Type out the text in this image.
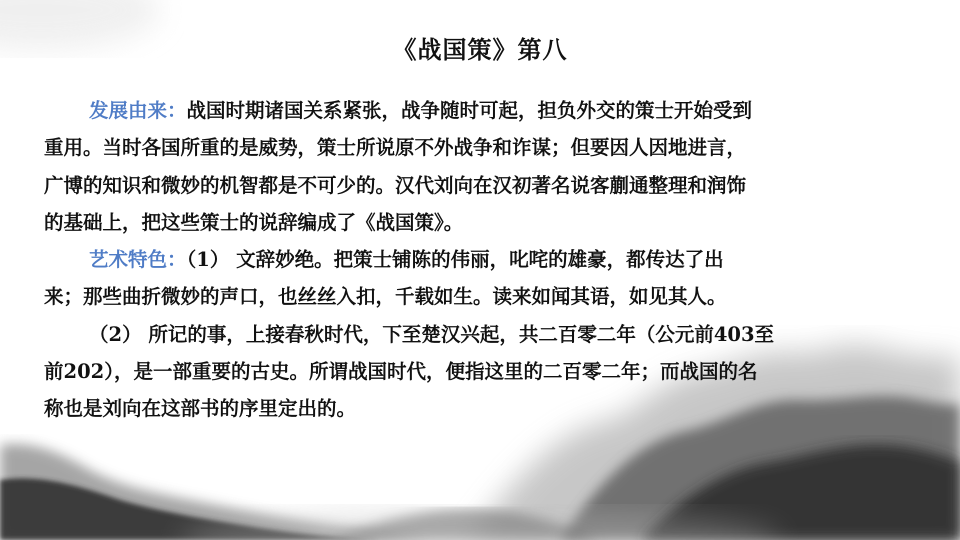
《战国策》第八
发展由来：战国时期诸国关系紧张，战争随时可起，担负外交的策士开始受到
重用。当时各国所重的是威势，策士所说原不外战争和诈谋；但要因人因地进言，
广博的知识和微妙的机智都是不可少的。汉代刘向在汉初著名说客蒯通整理和润饰
的基础上，把这些策士的说辞编成了《战国策》。
艺术特色：（1） 文辞妙绝。把策士铺陈的伟丽，叱咤的雄豪，都传达了出
来；那些曲折微妙的声口，也丝丝入扣，千载如生。读来如闻其语，如见其人。
（2） 所记的事，上接春秋时代，下至楚汉兴起，共二百零二年（公元前403至
前202），是一部重要的古史。所谓战国时代，便指这里的二百零二年；而战国的名
称也是刘向在这部书的序里定出的。
